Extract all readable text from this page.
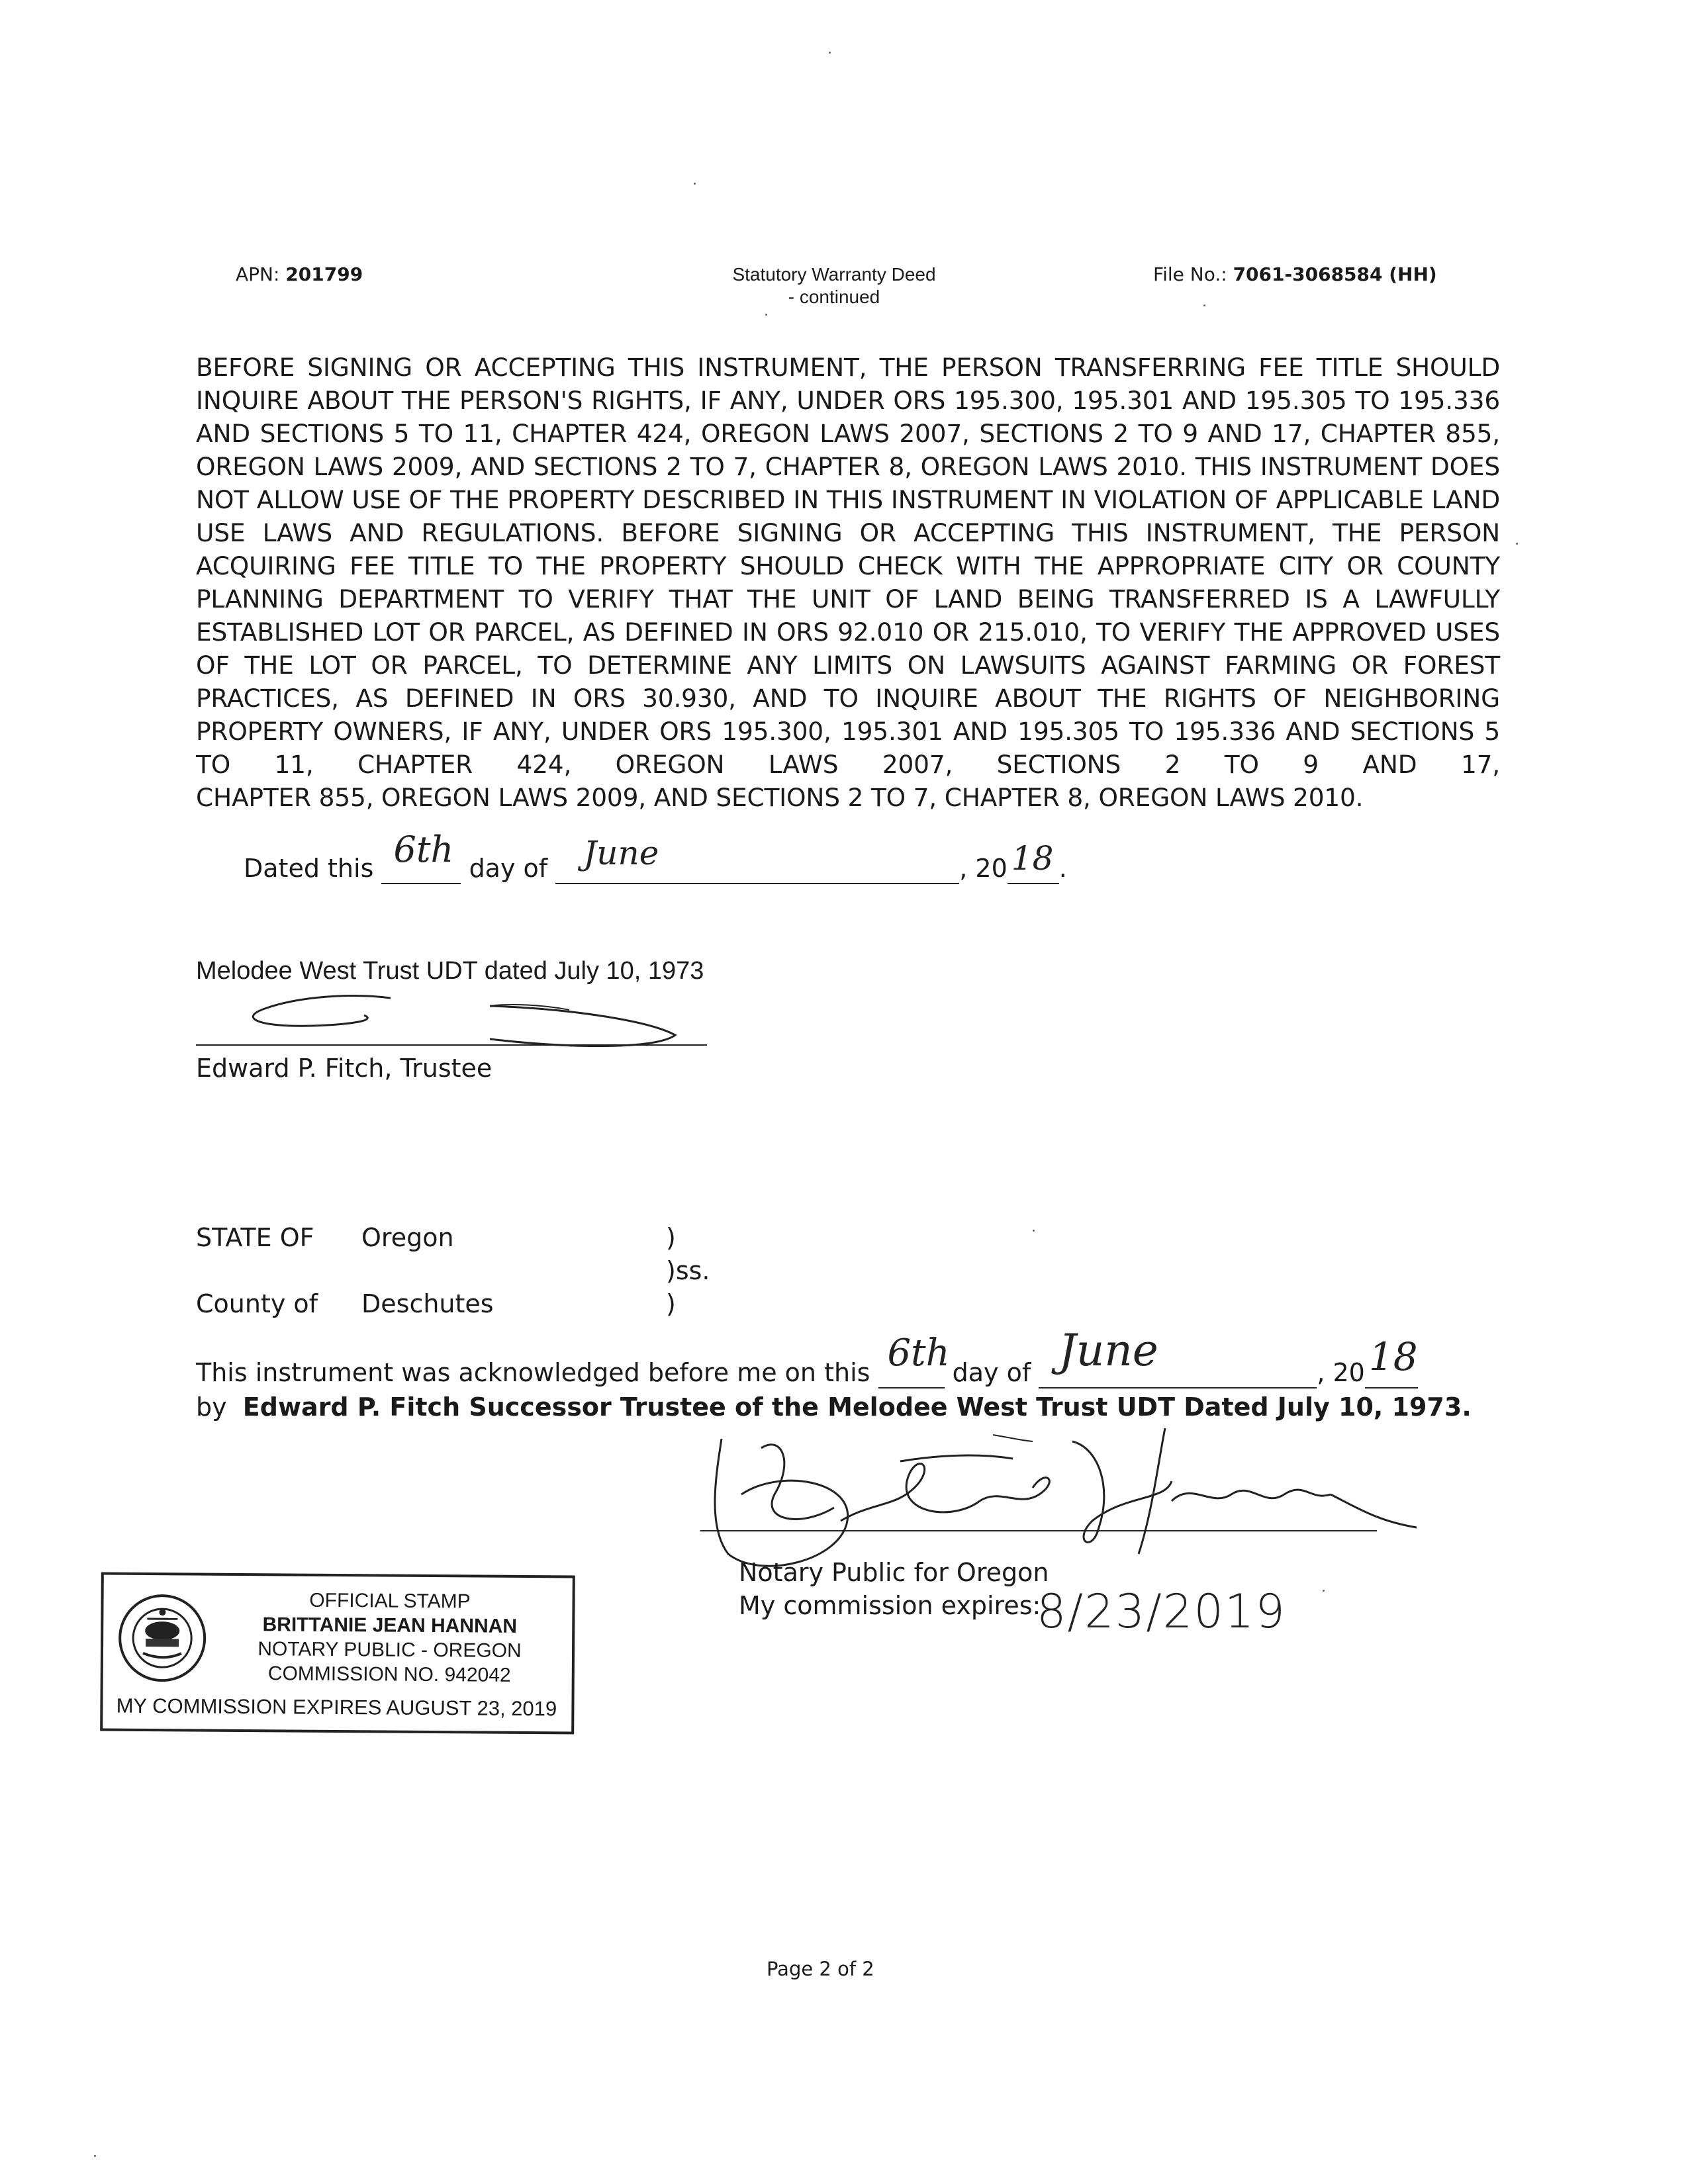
APN: 201799	Statutory Warranty Deed
- continued
File No.: 7061-3068584 (HH)
BEFORE SIGNING OR ACCEPTING THIS INSTRUMENT, THE PERSON TRANSFERRING FEE TITLE SHOULD INQUIRE ABOUT THE PERSON'S RIGHTS, IF ANY, UNDER ORS 195.300, 195.301 AND 195.305 TO 195.336 AND SECTIONS 5 TO 11, CHAPTER 424, OREGON LAWS 2007, SECTIONS 2 TO 9 AND 17, CHAPTER 855, OREGON LAWS 2009, AND SECTIONS 2 TO 7, CHAPTER 8, OREGON LAWS 2010. THIS INSTRUMENT DOES NOT ALLOW USE OF THE PROPERTY DESCRIBED IN THIS INSTRUMENT IN VIOLATION OF APPLICABLE LAND USE LAWS AND REGULATIONS. BEFORE SIGNING OR ACCEPTING THIS INSTRUMENT, THE PERSON ACQUIRING FEE TITLE TO THE PROPERTY SHOULD CHECK WITH THE APPROPRIATE CITY OR COUNTY PLANNING DEPARTMENT TO VERIFY THAT THE UNIT OF LAND BEING TRANSFERRED IS A LAWFULLY ESTABLISHED LOT OR PARCEL, AS DEFINED IN ORS 92.010 OR 215.010, TO VERIFY THE APPROVED USES OF THE LOT OR PARCEL, TO DETERMINE ANY LIMITS ON LAWSUITS AGAINST FARMING OR FOREST PRACTICES, AS DEFINED IN ORS 30.930, AND TO INQUIRE ABOUT THE RIGHTS OF NEIGHBORING PROPERTY OWNERS, IF ANY, UNDER ORS 195.300, 195.301 AND 195.305 TO 195.336 AND SECTIONS 5 TO 11, CHAPTER 424, OREGON LAWS 2007, SECTIONS 2 TO 9 AND 17,
CHAPTER 855, OREGON LAWS 2009, AND SECTIONS 2 TO 7, CHAPTER 8, OREGON LAWS 2010.
Dated this 6th day of June	, 20 18 .
Melodee West Trust UDT dated July 10, 1973
Edward P. Fitch, Trustee
STATE OF Oregon	)
)ss.
County of Deschutes	)
This instrument was acknowledged before me on this 6th day of June	, 20 18

by Edward P. Fitch Successor Trustee of the Melodee West Trust UDT Dated July 10, 1973.
Notary Public for Oregon
My commission expires:
8/23/2019
OFFICIAL STAMP
BRITTANIE JEAN HANNAN
NOTARY PUBLIC - OREGON
COMMISSION NO. 942042
MY COMMISSION EXPIRES AUGUST 23, 2019
Page 2 of 2
